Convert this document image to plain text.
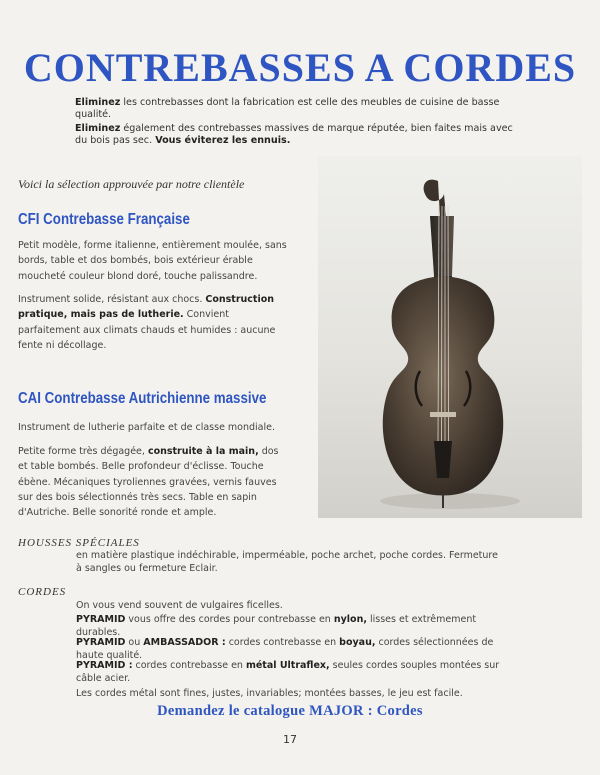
CONTREBASSES A CORDES
Eliminez les contrebasses dont la fabrication est celle des meubles de cuisine de basse qualité.
Eliminez également des contrebasses massives de marque réputée, bien faites mais avec du bois pas sec. Vous éviterez les ennuis.
Voici la sélection approuvée par notre clientèle
CFI Contrebasse Française
Petit modèle, forme italienne, entièrement moulée, sans bords, table et dos bombés, bois extérieur érable moucheté couleur blond doré, touche palissandre.
Instrument solide, résistant aux chocs. Construction pratique, mais pas de lutherie. Convient parfaitement aux climats chauds et humides : aucune fente ni décollage.
CAI Contrebasse Autrichienne massive
Instrument de lutherie parfaite et de classe mondiale.
Petite forme très dégagée, construite à la main, dos et table bombés. Belle profondeur d'éclisse. Touche ébène. Mécaniques tyroliennes gravées, vernis fauves sur des bois sélectionnés très secs. Table en sapin d'Autriche. Belle sonorité ronde et ample.
HOUSSES SPÉCIALES
en matière plastique indéchirable, imperméable, poche archet, poche cordes. Fermeture à sangles ou fermeture Eclair.
CORDES
On vous vend souvent de vulgaires ficelles.
PYRAMID vous offre des cordes pour contrebasse en nylon, lisses et extrêmement durables.
PYRAMID ou AMBASSADOR : cordes contrebasse en boyau, cordes sélectionnées de haute qualité.
PYRAMID : cordes contrebasse en métal Ultraflex, seules cordes souples montées sur câble acier.
Les cordes métal sont fines, justes, invariables; montées basses, le jeu est facile.
Demandez le catalogue MAJOR : Cordes
17
